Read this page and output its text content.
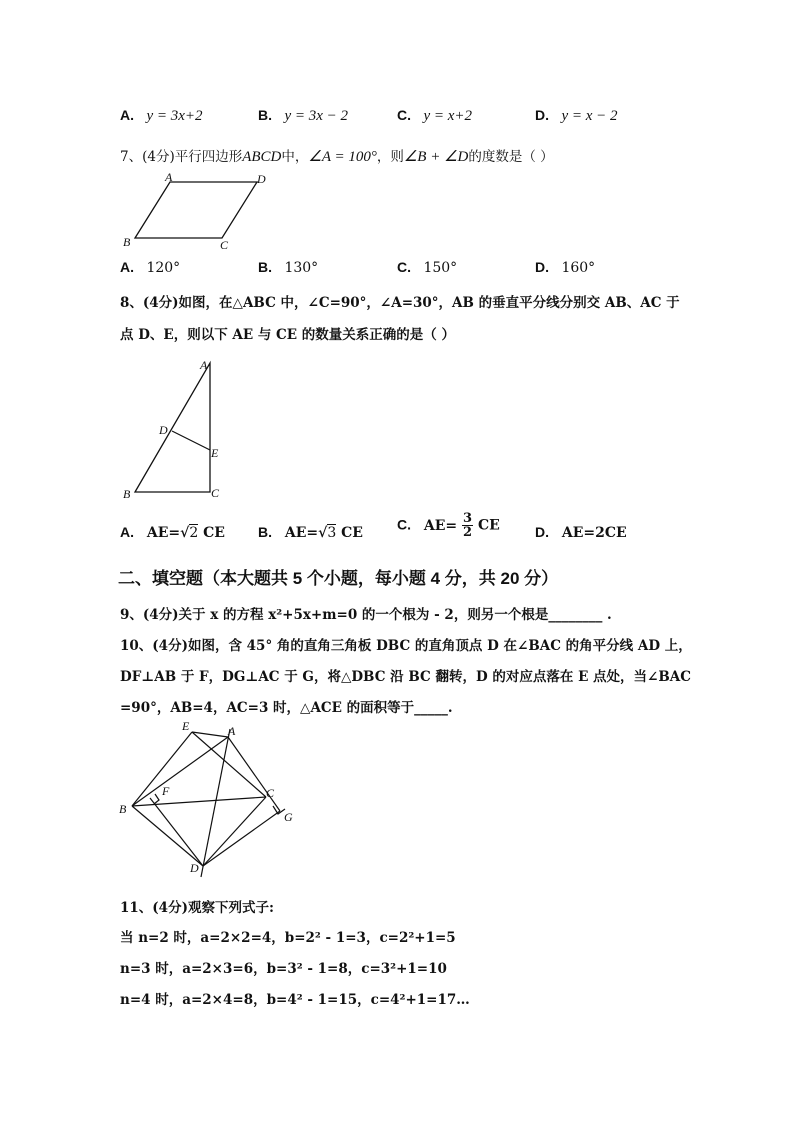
A. y = 3x+2	B. y = 3x − 2	C. y = x+2	D. y = x − 2
7、(4分)平行四边形ABCD中，∠A = 100°，则∠B + ∠D的度数是（ ）
A	D
B	C
A. 120°	B. 130°	C. 150°	D. 160°
8、(4分)如图，在△ABC 中，∠C=90°，∠A=30°，AB 的垂直平分线分别交 AB、AC 于
点 D、E，则以下 AE 与 CE 的数量关系正确的是（ ）
A
D
E
B	C
A. AE=√2 CE B. AE=√3 CE
C. $AE= \frac{3}{2}$ CE	D. AE=2CE
二、填空题（本大题共 5 个小题，每小题 4 分，共 20 分）
9、(4分)关于 x 的方程 x²+5x+m=0 的一个根为 - 2，则另一个根是________ .
10、(4分)如图，含 45° 角的直角三角板 DBC 的直角顶点 D 在∠BAC 的角平分线 AD 上，
DF⊥AB 于 F，DG⊥AC 于 G，将△DBC 沿 BC 翻转，D 的对应点落在 E 点处，当∠BAC
=90°，AB=4，AC=3 时，△ACE 的面积等于_____.
E	A
F	C
B
G
D
11、(4分)观察下列式子:
当 n=2 时，a=2×2=4，b=2² - 1=3，c=2²+1=5
n=3 时，a=2×3=6，b=3² - 1=8，c=3²+1=10
n=4 时，a=2×4=8，b=4² - 1=15，c=4²+1=17…
